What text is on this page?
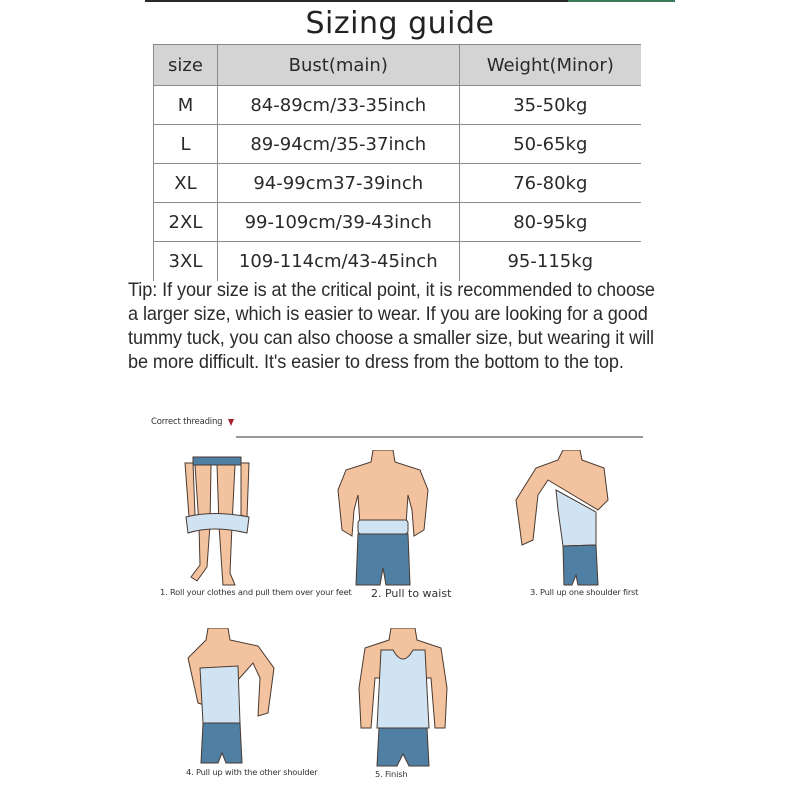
Sizing guide
size	Bust(main)	Weight(Minor)
M	84-89cm/33-35inch	35-50kg
L	89-94cm/35-37inch	50-65kg
XL	94-99cm37-39inch	76-80kg
2XL	99-109cm/39-43inch	80-95kg
3XL	109-114cm/43-45inch	95-115kg

Tip: If your size is at the critical point, it is recommended to choose a larger size, which is easier to wear. If you are looking for a good tummy tuck, you can also choose a smaller size, but wearing it will be more difficult. It's easier to dress from the bottom to the top.

Correct threading
1. Roll your clothes and pull them over your feet 2. Pull to waist	3. Pull up one shoulder first
4. Pull up with the other shoulder	5. Finish
